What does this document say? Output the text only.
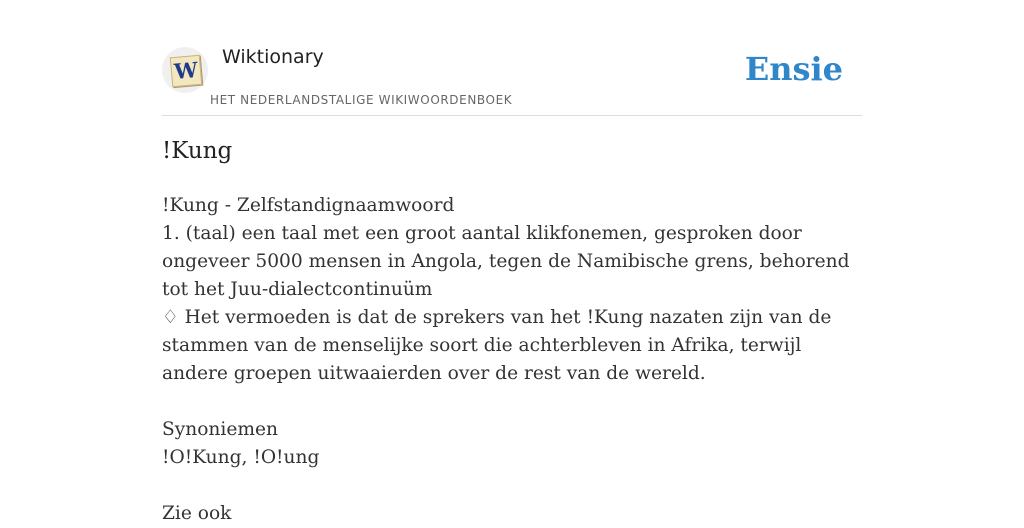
W
Wiktionary
HET NEDERLANDSTALIGE WIKIWOORDENBOEK
Ensie
!Kung

!Kung - Zelfstandignaamwoord

1. (taal) een taal met een groot aantal klikfonemen, gesproken door ongeveer 5000 mensen in Angola, tegen de Namibische grens, behorend tot het Juu-dialectcontinuüm

♢ Het vermoeden is dat de sprekers van het !Kung nazaten zijn van de stammen van de menselijke soort die achterbleven in Afrika, terwijl andere groepen uitwaaierden over de rest van de wereld.

Synoniemen

!O!Kung, !O!ung

Zie ook
